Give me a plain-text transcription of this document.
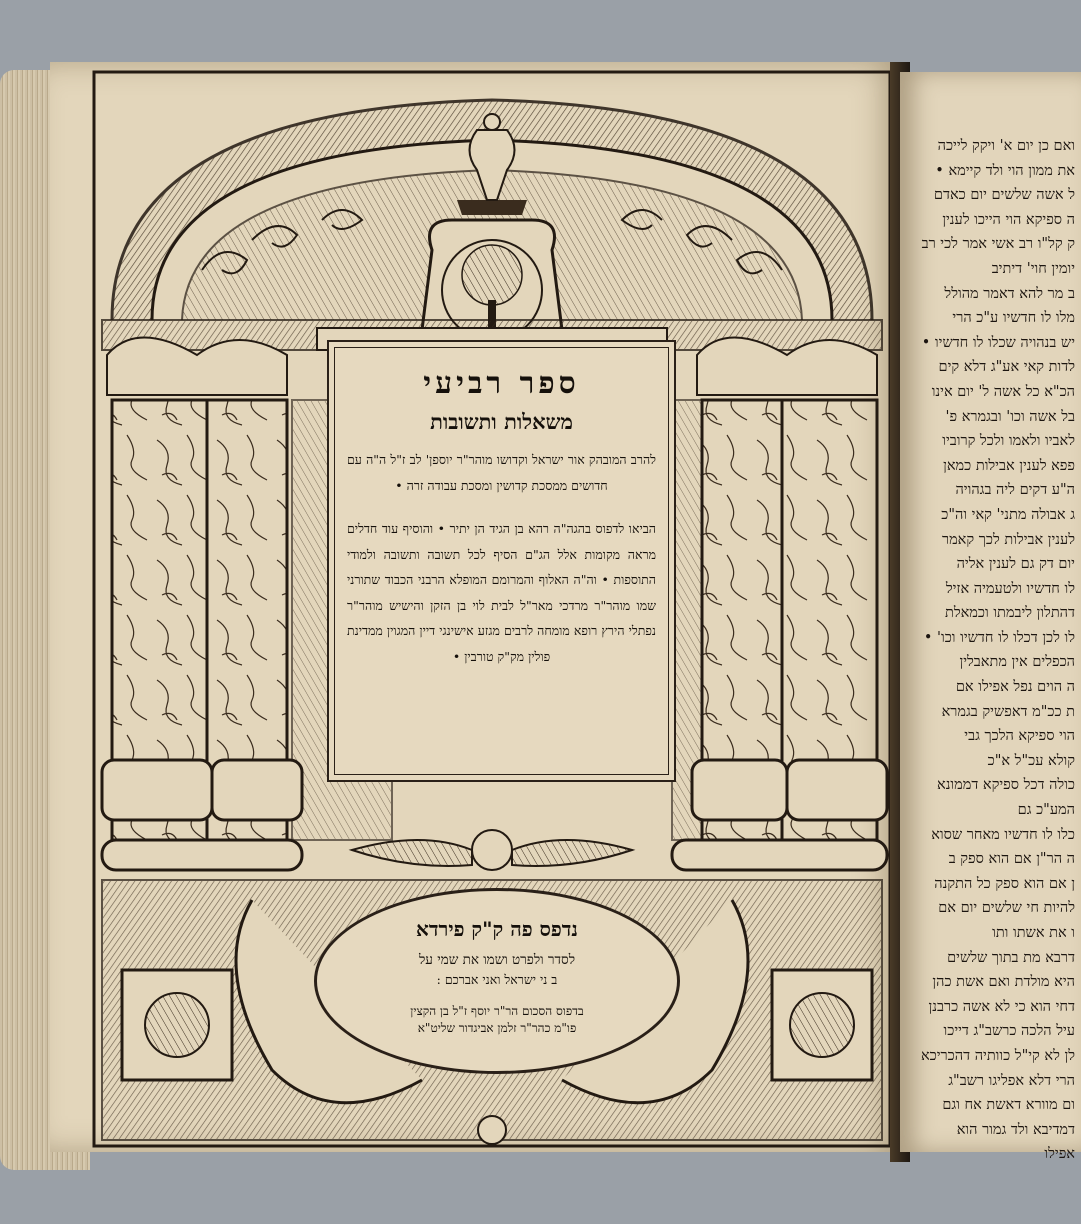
ספר רביעי
משאלות ותשובות
להרב המובהק אור ישראל וקדושו מוהר"ר יוספן' לב ז"ל ה"ה עם חדושים ממסכת קדושין ומסכת עבודה זרה •
הביאו לדפוס בהגה"ה רהא בן הגיד הן יתיר • והוסיף עוד חדלים מראה מקומות אלל הג"ם הסיף לכל תשובה ותשובה ולמודי התוספות • וה"ה האלוף והמרומם המופלא הרבני הכבוד שתורני שמו מוהר"ר מרדכי מאר"ל לבית לוי בן הזקן והישיש מוהר"ר נפתלי הירץ רופא מומחה לרבים מגזע אישינגי דיין המגוין ממדינת פולין מק"ק טורבין •
נדפס פה ק"ק פירדא
לסדר ולפרט ושמו את שמי על
ב ני ישראל ואני אברכם :
בדפוס הסכום הר"ר יוסף ז"ל בן הקצין
פו"מ כהר"ר זלמן אביגדור שליט"א
ואם כן יום א' ויקק לייכה
את ממון הוי ולד קיימא •
ל אשה שלשים יום כאדם
ה ספיקא הוי הייכו לענין
ק קל"ו רב אשי אמר לכי רב
יומין חוי' דיתיב
ב מר להא דאמר מהולל
מלו לו חדשיו ע"כ הרי
יש בנהויה שכלו לו חדשיו •
לדות קאי אע"ג דלא קים
הכ"א כל אשה ל' יום אינו
בל אשה וכו' ובגמרא פ'
לאביו ולאמו ולכל קרוביו
פפא לענין אבילות כמאן
ה"ע דקים ליה בגהויה
ג אבולה מתני' קאי וה"כ
לענין אבילות לכך קאמר
יום דק גם לענין אליה
לו חדשיו ולטעמיה אזיל
דהתלון ליבמתו וכמאלת
לו לכן דכלו לו חדשיו וכו' •
הכפלים אין מתאבלין
ה הוים נפל אפילו אם
ת ככ"מ דאפשיק בגמרא
הוי ספיקא הלכך גבי
קולא עכ"ל א"כ
כולה דכל ספיקא דממונא
המע"כ גם
כלו לו חדשיו מאחר שסוא
ה הר"ן אם הוא ספק ב
ן אם הוא ספק כל התקנה
להיות חי שלשים יום אם
ו את אשתו ותו
דרבא מת בתוך שלשים
היא מולדת ואם אשת כהן
דחי הוא כי לא אשה כרבנן
עיל הלכה כרשב"ג דייכו
לן לא קי"ל כוותיה דהכריכא
הרי דלא אפליגו רשב"ג
ום מוורא דאשת אח וגם
דמדיבא ולד גמור הוא
אפילו
